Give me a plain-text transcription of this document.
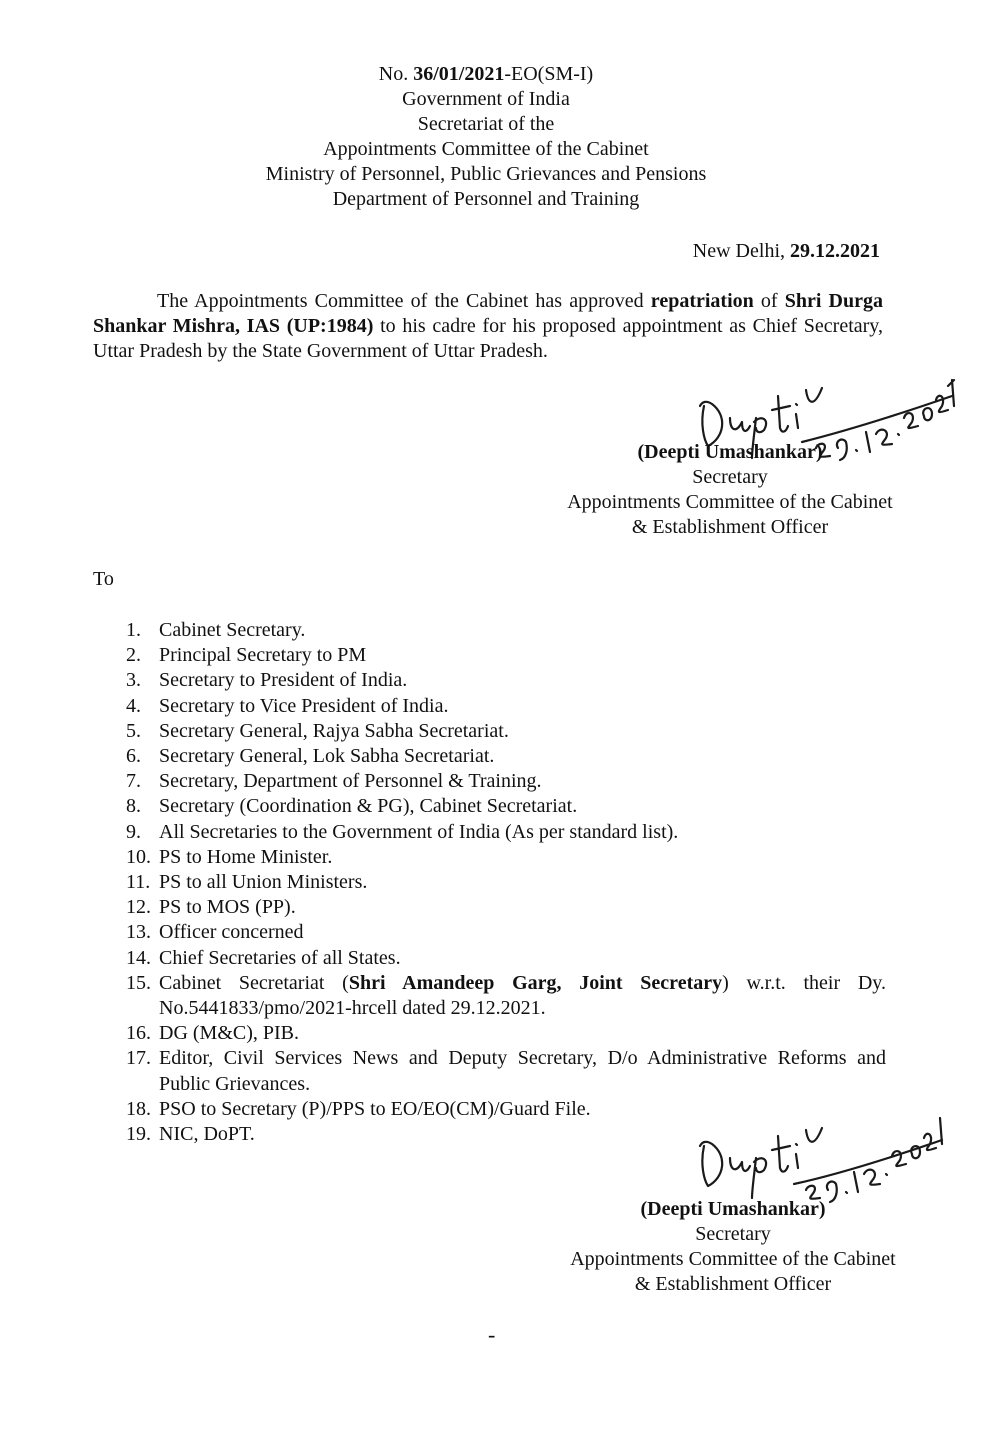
No. 36/01/2021-EO(SM-I)
Government of India
Secretariat of the
Appointments Committee of the Cabinet
Ministry of Personnel, Public Grievances and Pensions
Department of Personnel and Training
New Delhi, 29.12.2021
The Appointments Committee of the Cabinet has approved repatriation of Shri Durga Shankar Mishra, IAS (UP:1984) to his cadre for his proposed appointment as Chief Secretary, Uttar Pradesh by the State Government of Uttar Pradesh.
(Deepti Umashankar)
Secretary
Appointments Committee of the Cabinet
& Establishment Officer
To
1. Cabinet Secretary.
2. Principal Secretary to PM
3. Secretary to President of India.
4. Secretary to Vice President of India.
5. Secretary General, Rajya Sabha Secretariat.
6. Secretary General, Lok Sabha Secretariat.
7. Secretary, Department of Personnel & Training.
8. Secretary (Coordination & PG), Cabinet Secretariat.
9. All Secretaries to the Government of India (As per standard list).
10. PS to Home Minister.
11. PS to all Union Ministers.
12. PS to MOS (PP).
13. Officer concerned
14. Chief Secretaries of all States.
15. Cabinet Secretariat (Shri Amandeep Garg, Joint Secretary) w.r.t. their Dy. No.5441833/pmo/2021-hrcell dated 29.12.2021.
16. DG (M&C), PIB.
17. Editor, Civil Services News and Deputy Secretary, D/o Administrative Reforms and Public Grievances.
18. PSO to Secretary (P)/PPS to EO/EO(CM)/Guard File.
19. NIC, DoPT.
(Deepti Umashankar)
Secretary
Appointments Committee of the Cabinet
& Establishment Officer
-
